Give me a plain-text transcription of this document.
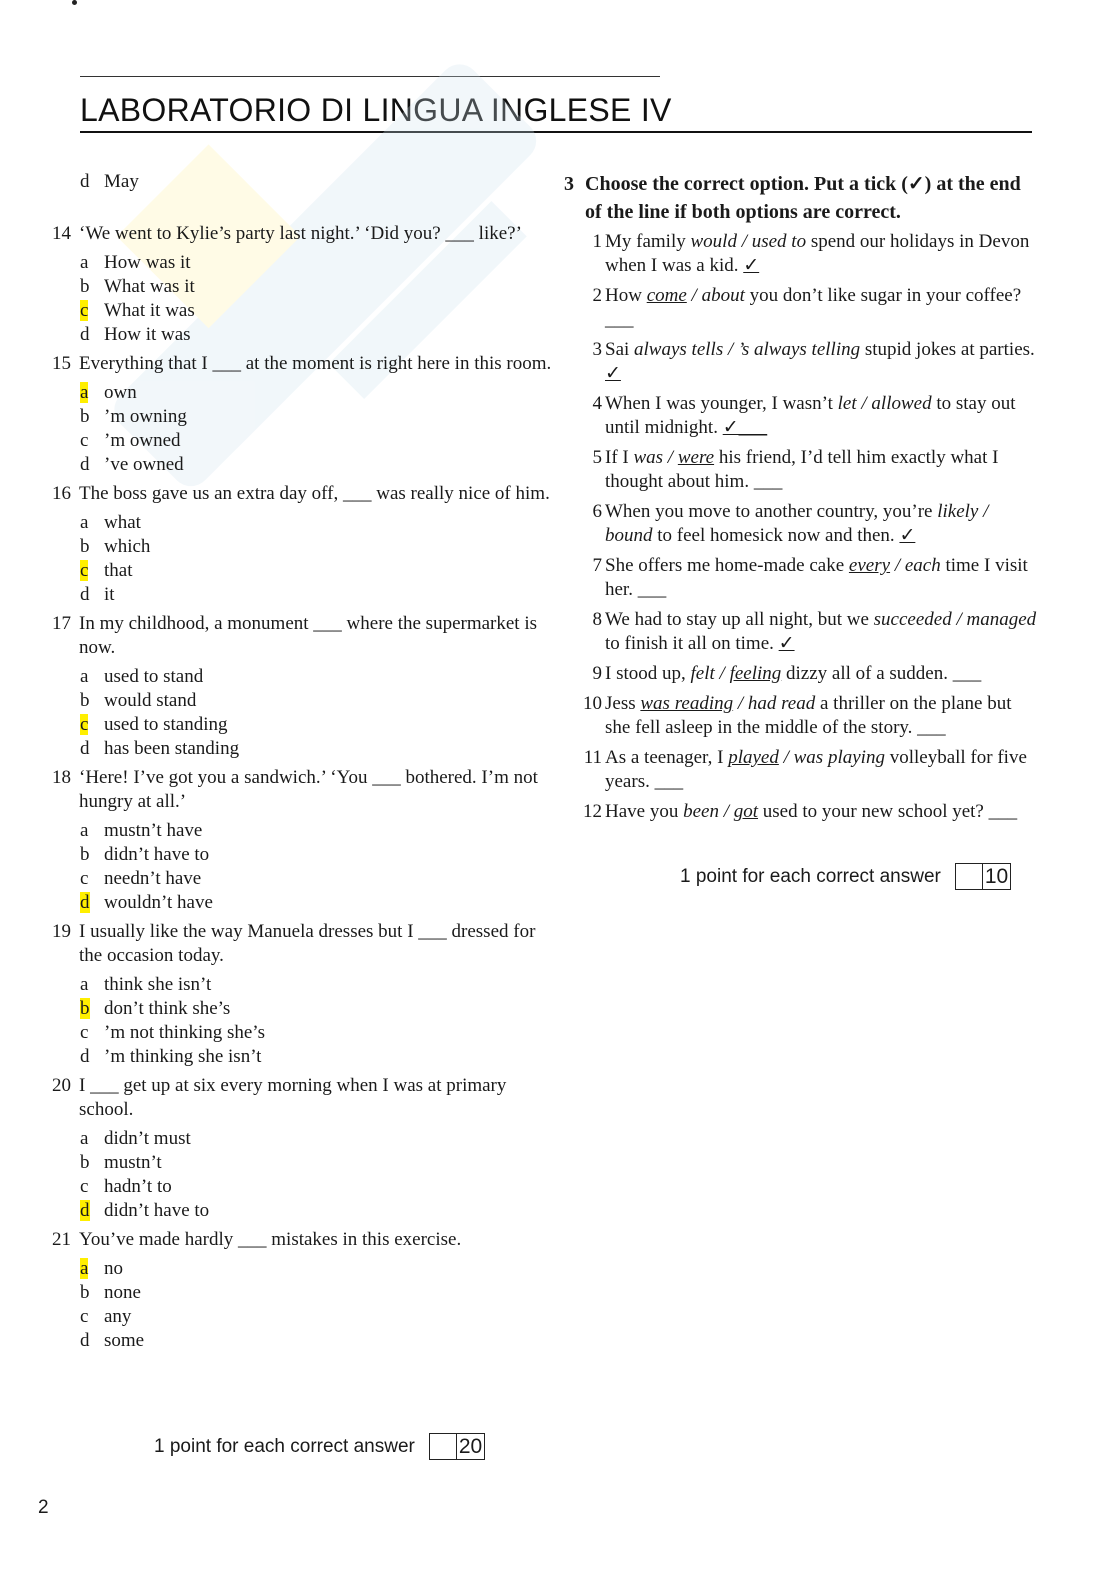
LABORATORIO DI LINGUA INGLESE IV
d May
14 ‘We went to Kylie’s party last night.’ ‘Did you? ___ like?’
a How was it
b What was it
c What it was
d How it was
15 Everything that I ___ at the moment is right here in this room.
a own
b ’m owning
c ’m owned
d ’ve owned
16 The boss gave us an extra day off, ___ was really nice of him.
a what
b which
c that
d it
17 In my childhood, a monument ___ where the supermarket is now.
a used to stand
b would stand
c used to standing
d has been standing
18 ‘Here! I’ve got you a sandwich.’ ‘You ___ bothered. I’m not hungry at all.’
a mustn’t have
b didn’t have to
c needn’t have
d wouldn’t have
19 I usually like the way Manuela dresses but I ___ dressed for the occasion today.
a think she isn’t
b don’t think she’s
c ’m not thinking she’s
d ’m thinking she isn’t
20 I ___ get up at six every morning when I was at primary school.
a didn’t must
b mustn’t
c hadn’t to
d didn’t have to
21 You’ve made hardly ___ mistakes in this exercise.
a no
b none
c any
d some
1 point for each correct answer 20
3 Choose the correct option. Put a tick (✓) at the end of the line if both options are correct.
1 My family would / used to spend our holidays in Devon when I was a kid. ✓
2 How come / about you don’t like sugar in your coffee? ___
3 Sai always tells / ’s always telling stupid jokes at parties. ✓
4 When I was younger, I wasn’t let / allowed to stay out until midnight. ✓___
5 If I was / were his friend, I’d tell him exactly what I thought about him. ___
6 When you move to another country, you’re likely / bound to feel homesick now and then. ✓
7 She offers me home-made cake every / each time I visit her. ___
8 We had to stay up all night, but we succeeded / managed to finish it all on time. ✓
9 I stood up, felt / feeling dizzy all of a sudden. ___
10 Jess was reading / had read a thriller on the plane but she fell asleep in the middle of the story. ___
11 As a teenager, I played / was playing volleyball for five years. ___
12 Have you been / got used to your new school yet? ___
1 point for each correct answer 10
2
